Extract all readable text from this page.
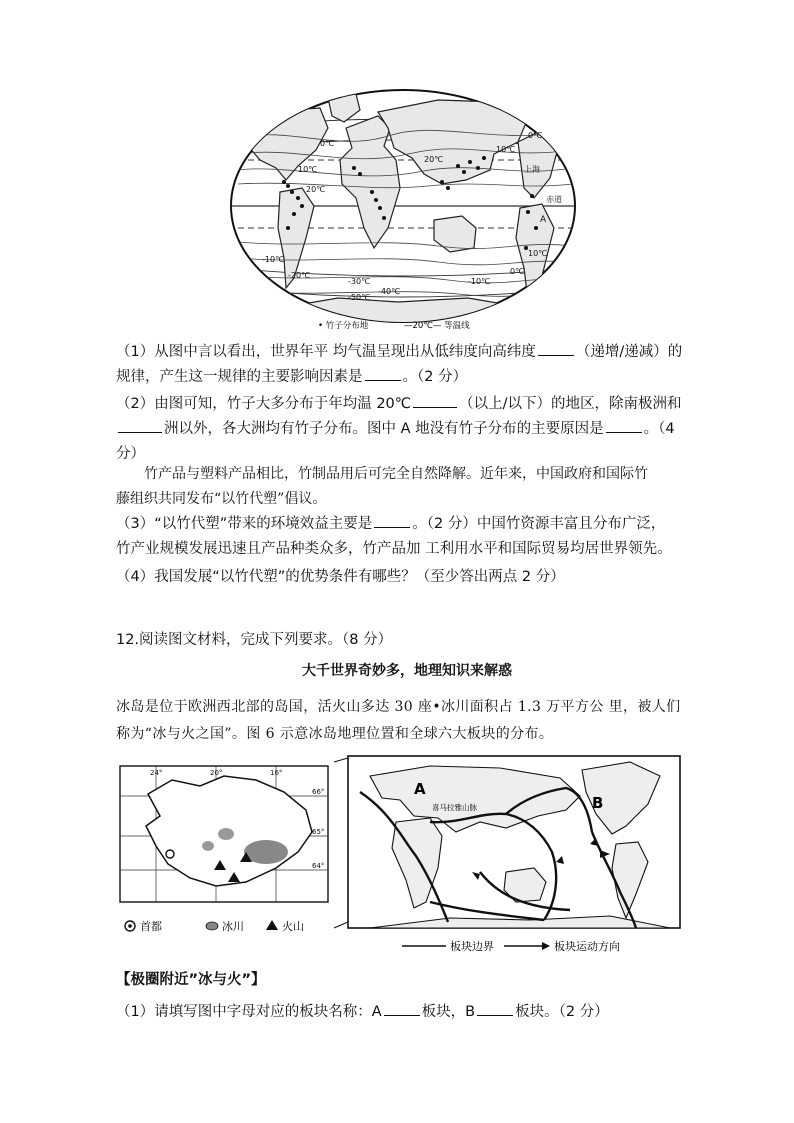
0℃
10℃
20℃
20℃
10℃
0℃
-10℃
-20℃
-30℃
-40℃
-50℃
10℃
0℃
-10℃
上海
赤道
A
• 竹子分布地	—20℃— 等温线
（1）从图中言以看出，世界年平 均气温呈现出从低纬度向高纬度	（递增/递减）的
规律，产生这一规律的主要影响因素是	。（2 分）
（2）由图可知，竹子大多分布于年均温 20℃	（以上/以下）的地区，除南极洲和
洲以外，各大洲均有竹子分布。图中 A 地没有竹子分布的主要原因是	。（4
分）
竹产品与塑料产品相比，竹制品用后可完全自然降解。近年来，中国政府和国际竹
藤组织共同发布“以竹代塑”倡议。
（3）“以竹代塑”带来的环境效益主要是	。（2 分）中国竹资源丰富且分布广泛，
竹产业规模发展迅速且产品种类众多，竹产品加 工利用水平和国际贸易均居世界领先。
（4）我国发展“以竹代塑”的优势条件有哪些？（至少答出两点 2 分）
12.阅读图文材料，完成下列要求。（8 分）
大千世界奇妙多，地理知识来解惑
冰岛是位于欧洲西北部的岛国，活火山多达 30 座•冰川面积占 1.3 万平方公 里，被人们
称为“冰与火之国”。图 6 示意冰岛地理位置和全球六大板块的分布。
24°	20°	16°
66°
65°
64°
首都	冰川	火山
A
B
喜马拉雅山脉
板块边界	板块运动方向
【极圈附近”冰与火”】
（1）请填写图中字母对应的板块名称：A	板块，B	板块。（2 分）
